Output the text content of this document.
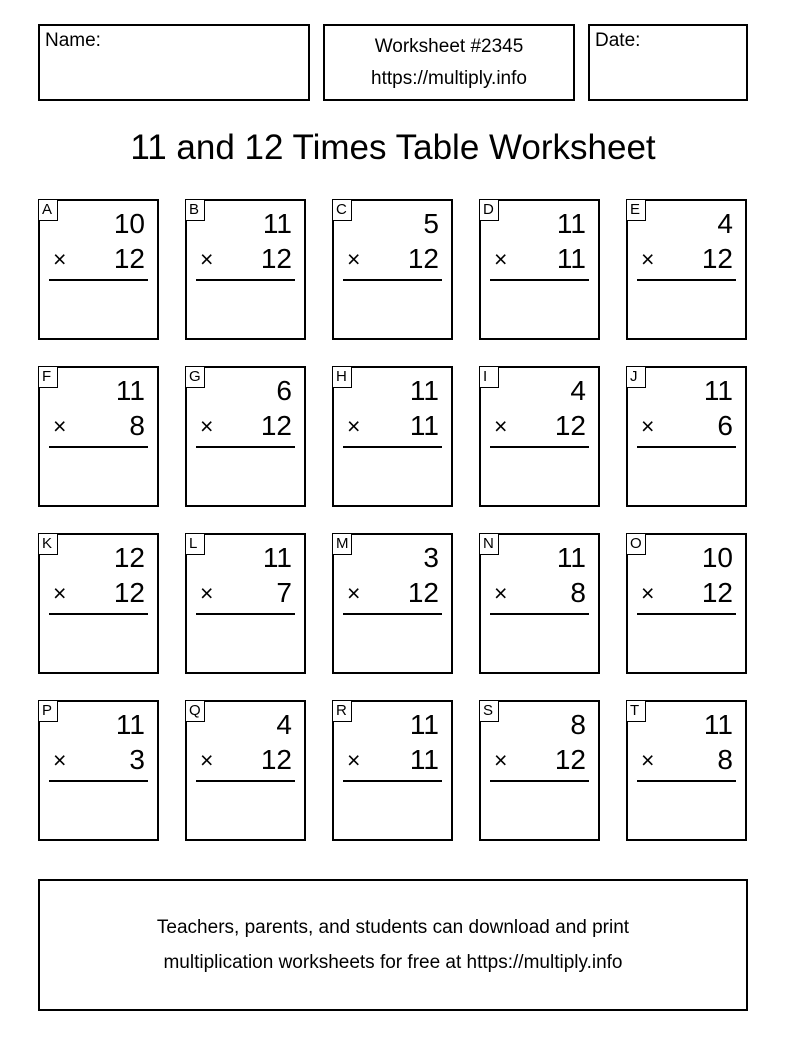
Name:	Worksheet #2345
https://multiply.info
Date:
11 and 12 Times Table Worksheet
A 10
× 12
B 11
× 12
C	5
× 12
D 11
× 11
E	4
× 12
F 11
× 8
G	6
× 12
H 11
× 11
I	4
× 12
J	11
× 6
K 12
× 12
L 11
× 7
M	3
× 12
N 11
× 8
O 10
× 12
P 11
× 3
Q	4
× 12
R 11
× 11
S	8
× 12
T 11
× 8
Teachers, parents, and students can download and print
multiplication worksheets for free at https://multiply.info
